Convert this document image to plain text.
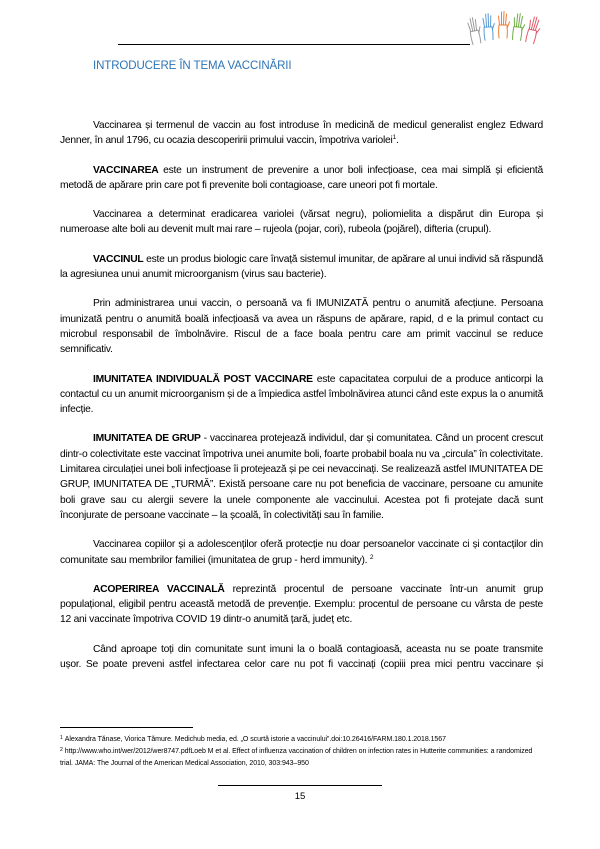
INTRODUCERE ÎN TEMA VACCINĂRII

Vaccinarea și termenul de vaccin au fost introduse în medicină de medicul generalist englez Edward Jenner, în anul 1796, cu ocazia descoperirii primului vaccin, împotriva variolei$^1$.

VACCINAREA este un instrument de prevenire a unor boli infecțioase, cea mai simplă și eficientă metodă de apărare prin care pot fi prevenite boli contagioase, care uneori pot fi mortale.

Vaccinarea a determinat eradicarea variolei (vărsat negru), poliomielita a dispărut din Europa și numeroase alte boli au devenit mult mai rare – rujeola (pojar, cori), rubeola (pojărel), difteria (crupul).

VACCINUL este un produs biologic care învață sistemul imunitar, de apărare al unui individ să răspundă la agresiunea unui anumit microorganism (virus sau bacterie).

Prin administrarea unui vaccin, o persoană va fi IMUNIZATĂ pentru o anumită afecțiune. Persoana imunizată pentru o anumită boală infecțioasă va avea un răspuns de apărare, rapid, d e la primul contact cu microbul responsabil de îmbolnăvire. Riscul de a face boala pentru care am primit vaccinul se reduce semnificativ.

IMUNITATEA INDIVIDUALĂ POST VACCINARE este capacitatea corpului de a produce anticorpi la contactul cu un anumit microorganism și de a împiedica astfel îmbolnăvirea atunci când este expus la o anumită infecție.

IMUNITATEA DE GRUP - vaccinarea protejează individul, dar și comunitatea. Când un procent crescut dintr-o colectivitate este vaccinat împotriva unei anumite boli, foarte probabil boala nu va „circula” în colectivitate. Limitarea circulației unei boli infecțioase îi protejează și pe cei nevaccinați. Se realizează astfel IMUNITATEA DE GRUP, IMUNITATEA DE „TURMĂ”. Există persoane care nu pot beneficia de vaccinare, persoane cu amunite boli grave sau cu alergii severe la unele componente ale vaccinului. Acestea pot fi protejate dacă sunt înconjurate de persoane vaccinate – la școală, în colectivități sau în familie.

Vaccinarea copiilor și a adolescenților oferă protecție nu doar persoanelor vaccinate ci și contacților din comunitate sau membrilor familiei (imunitatea de grup - herd immunity). $^2$

ACOPERIREA VACCINALĂ reprezintă procentul de persoane vaccinate într-un anumit grup populațional, eligibil pentru această metodă de prevenție. Exemplu: procentul de persoane cu vârsta de peste 12 ani vaccinate împotriva COVID 19 dintr-o anumită țară, județ etc.

Când aproape toți din comunitate sunt imuni la o boală contagioasă, aceasta nu se poate transmite ușor. Se poate preveni astfel infectarea celor care nu pot fi vaccinați (copiii prea mici pentru vaccinare și

$^1$ Alexandra Tănase, Viorica Tămure. Medichub media, ed. „O scurtă istorie a vaccinului”.doi:10.26416/FARM.180.1.2018.1567
$^2$ http://www.who.int/wer/2012/wer8747.pdfLoeb M et al. Effect of influenza vaccination of children on infection rates in Hutterite communities: a randomized trial. JAMA: The Journal of the American Medical Association, 2010, 303:943–950
15
